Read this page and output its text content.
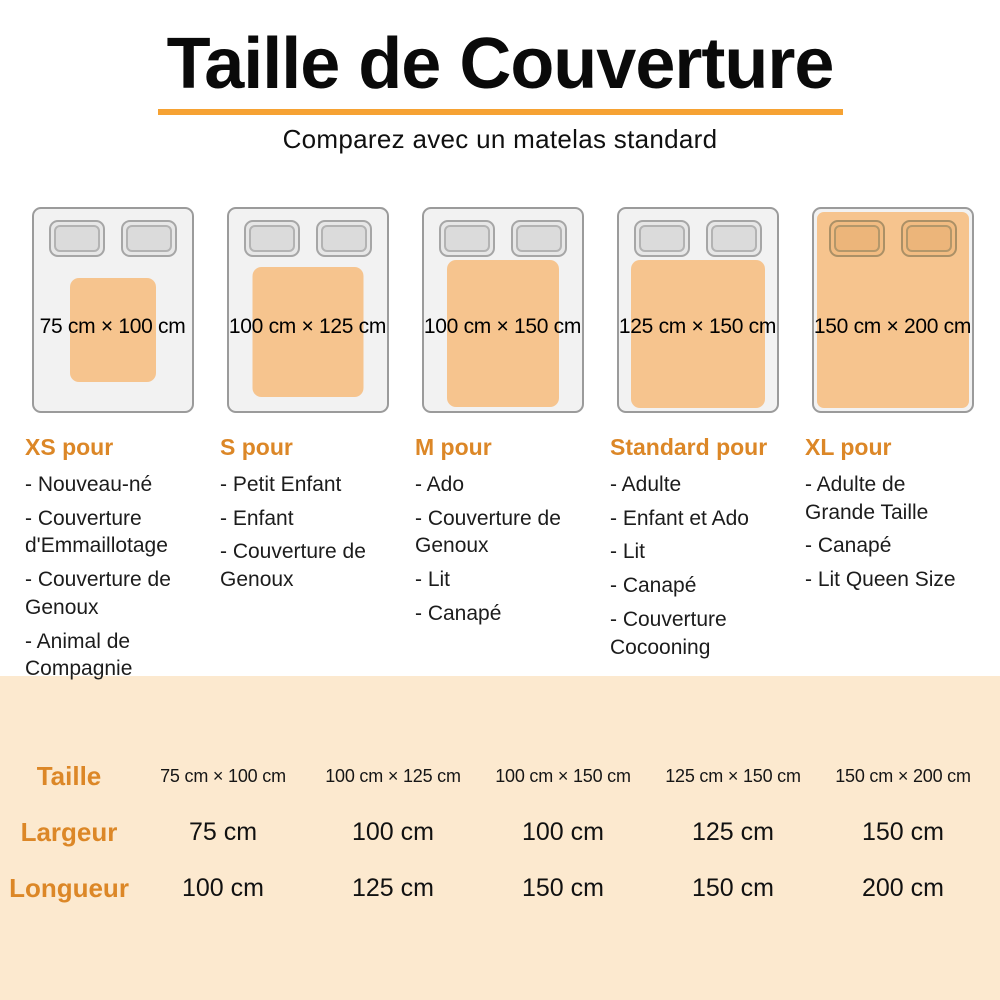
Taille de Couverture
Comparez avec un matelas standard
75 cm × 100 cm
XS pour
- Nouveau-né
- Couverture d'Emmaillotage
- Couverture de Genoux
- Animal de Compagnie
100 cm × 125 cm
S pour
- Petit Enfant
- Enfant
- Couverture de Genoux
100 cm × 150 cm
M pour
- Ado
- Couverture de Genoux
- Lit
- Canapé
125 cm × 150 cm
Standard pour
- Adulte
- Enfant et Ado
- Lit
- Canapé
- Couverture Cocooning
150 cm × 200 cm
XL pour
- Adulte de Grande Taille
- Canapé
- Lit Queen Size
Taille	75 cm × 100 cm	100 cm × 125 cm	100 cm × 150 cm	125 cm × 150 cm	150 cm × 200 cm
Largeur	75 cm	100 cm	100 cm	125 cm	150 cm
Longueur	100 cm	125 cm	150 cm	150 cm	200 cm
